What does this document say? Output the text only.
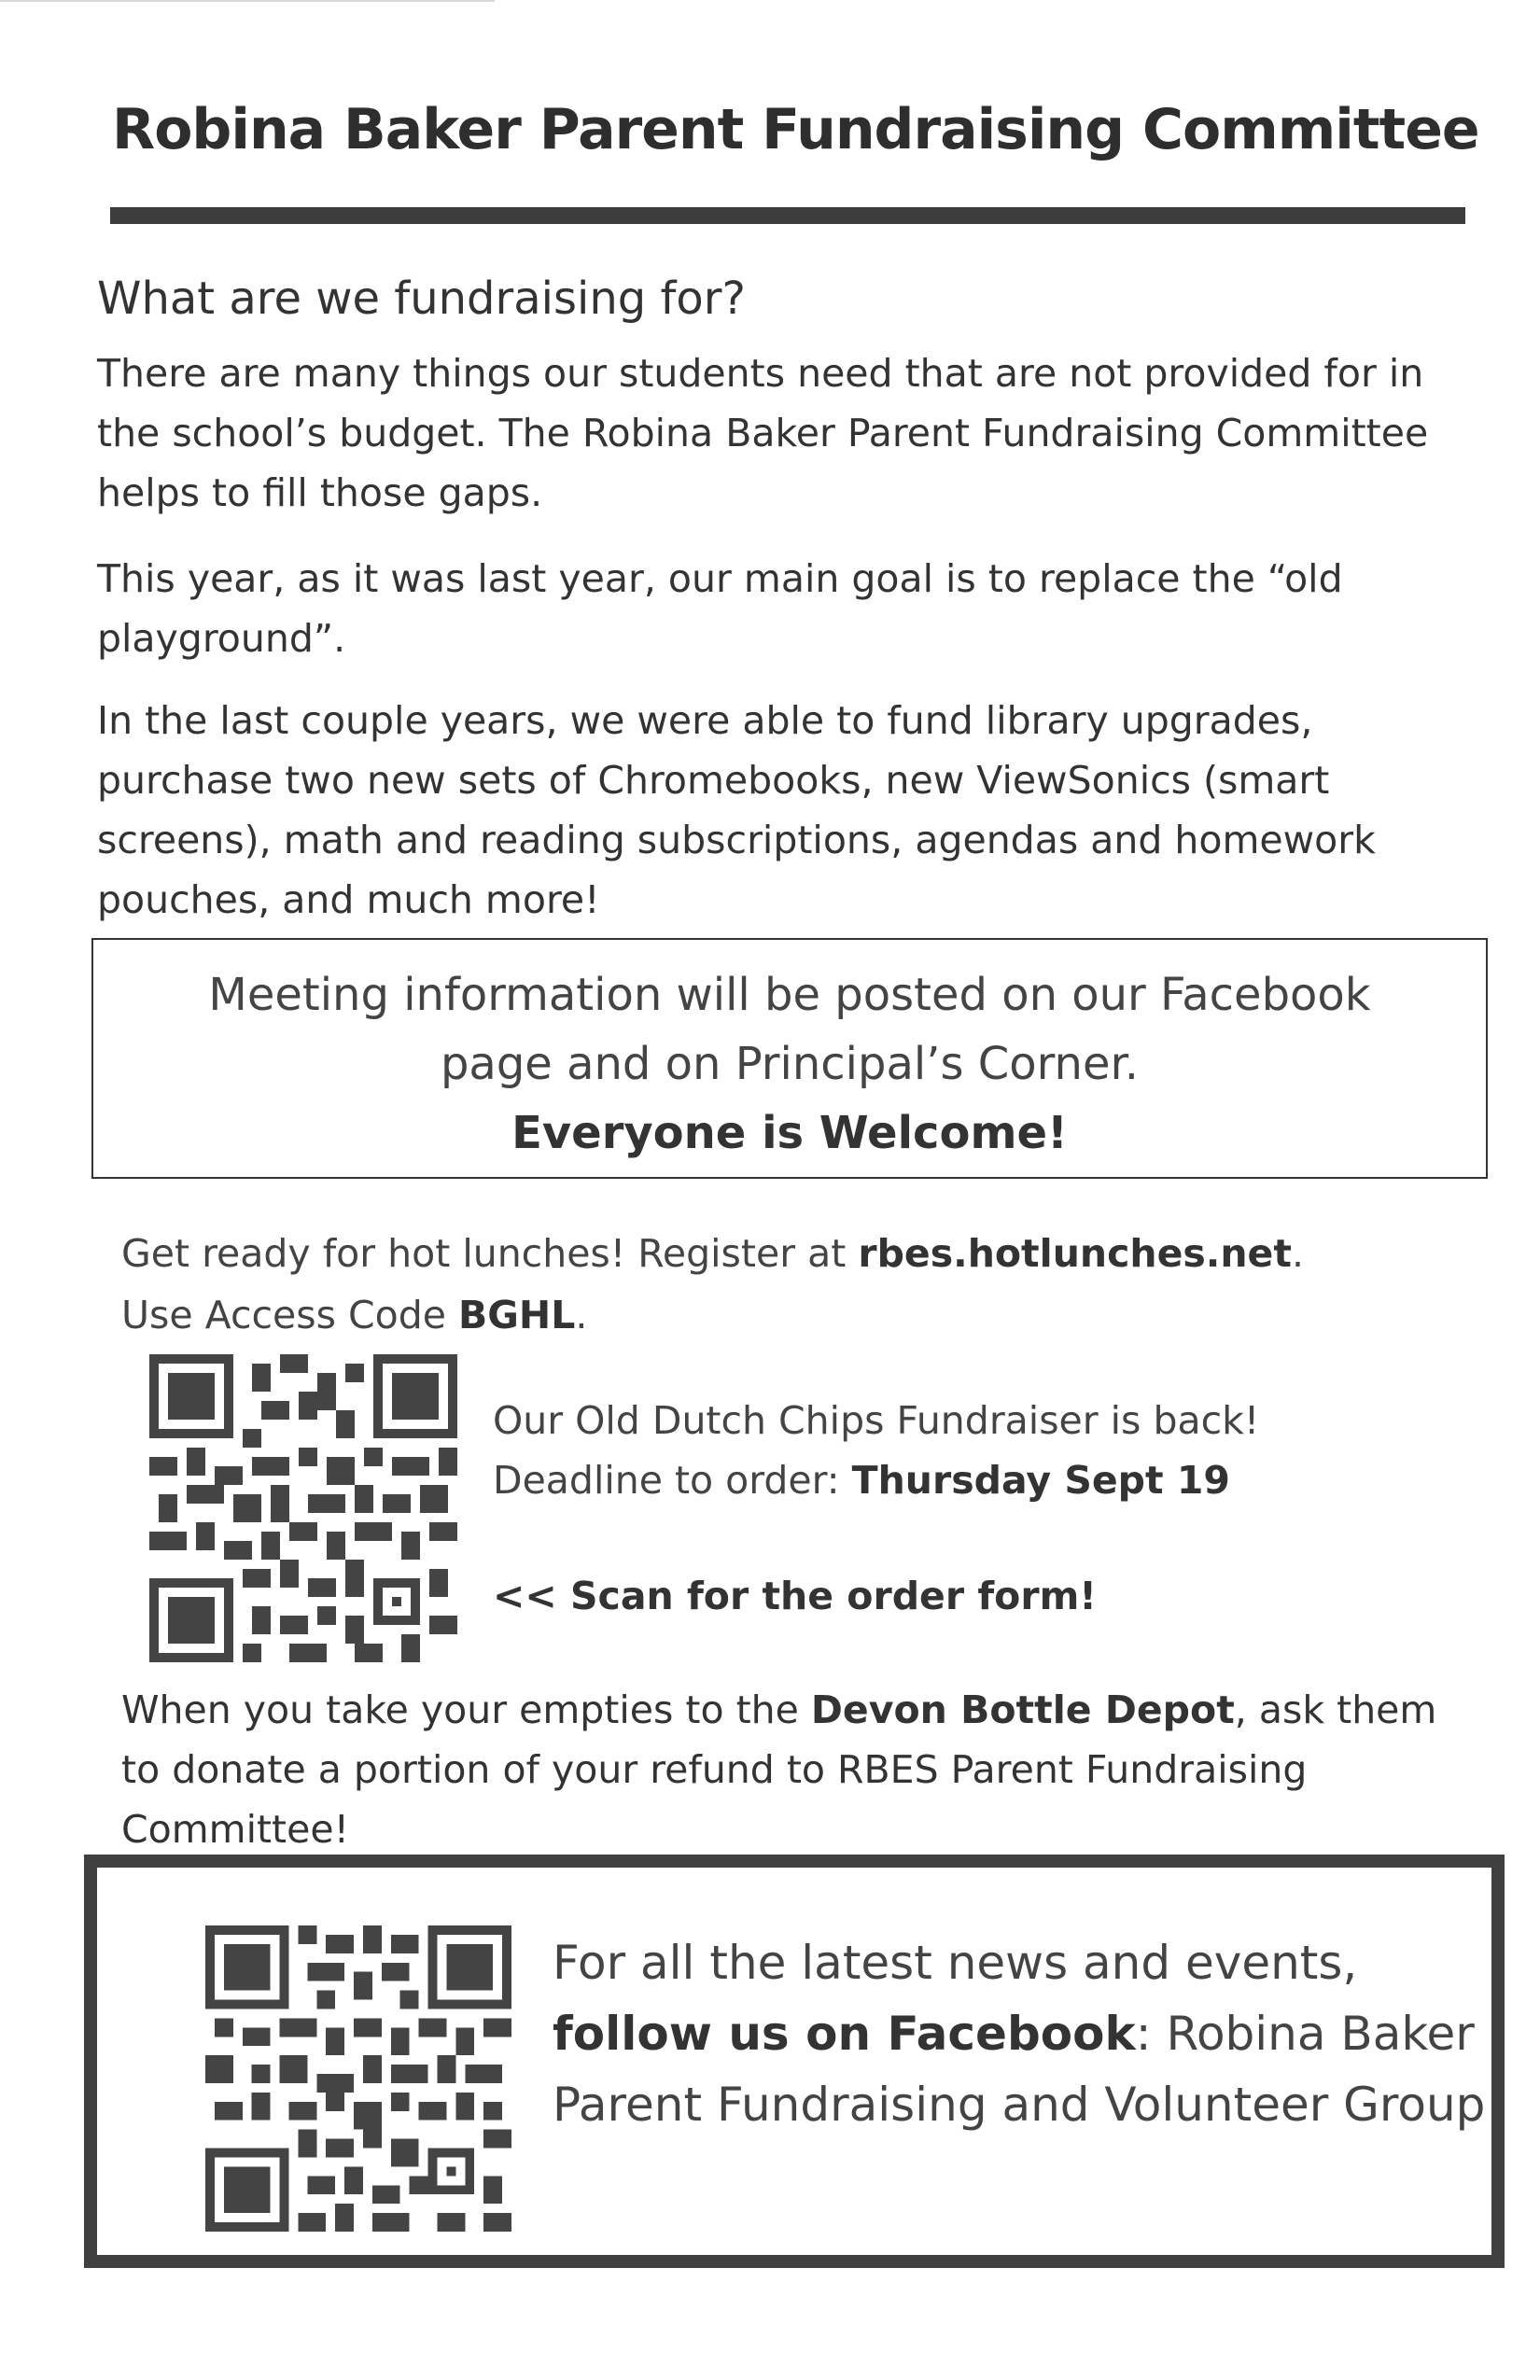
Robina Baker Parent Fundraising Committee
What are we fundraising for?

There are many things our students need that are not provided for in the school’s budget. The Robina Baker Parent Fundraising Committee helps to fill those gaps.

This year, as it was last year, our main goal is to replace the “old playground”.

In the last couple years, we were able to fund library upgrades, purchase two new sets of Chromebooks, new ViewSonics (smart screens), math and reading subscriptions, agendas and homework pouches, and much more!

Meeting information will be posted on our Facebook page and on Principal’s Corner.
Everyone is Welcome!
Get ready for hot lunches! Register at rbes.hotlunches.net.
Use Access Code BGHL.
Our Old Dutch Chips Fundraiser is back!
Deadline to order: Thursday Sept 19
<< Scan for the order form!
When you take your empties to the Devon Bottle Depot, ask them to donate a portion of your refund to RBES Parent Fundraising Committee!
For all the latest news and events,
follow us on Facebook: Robina Baker Parent Fundraising and Volunteer Group
